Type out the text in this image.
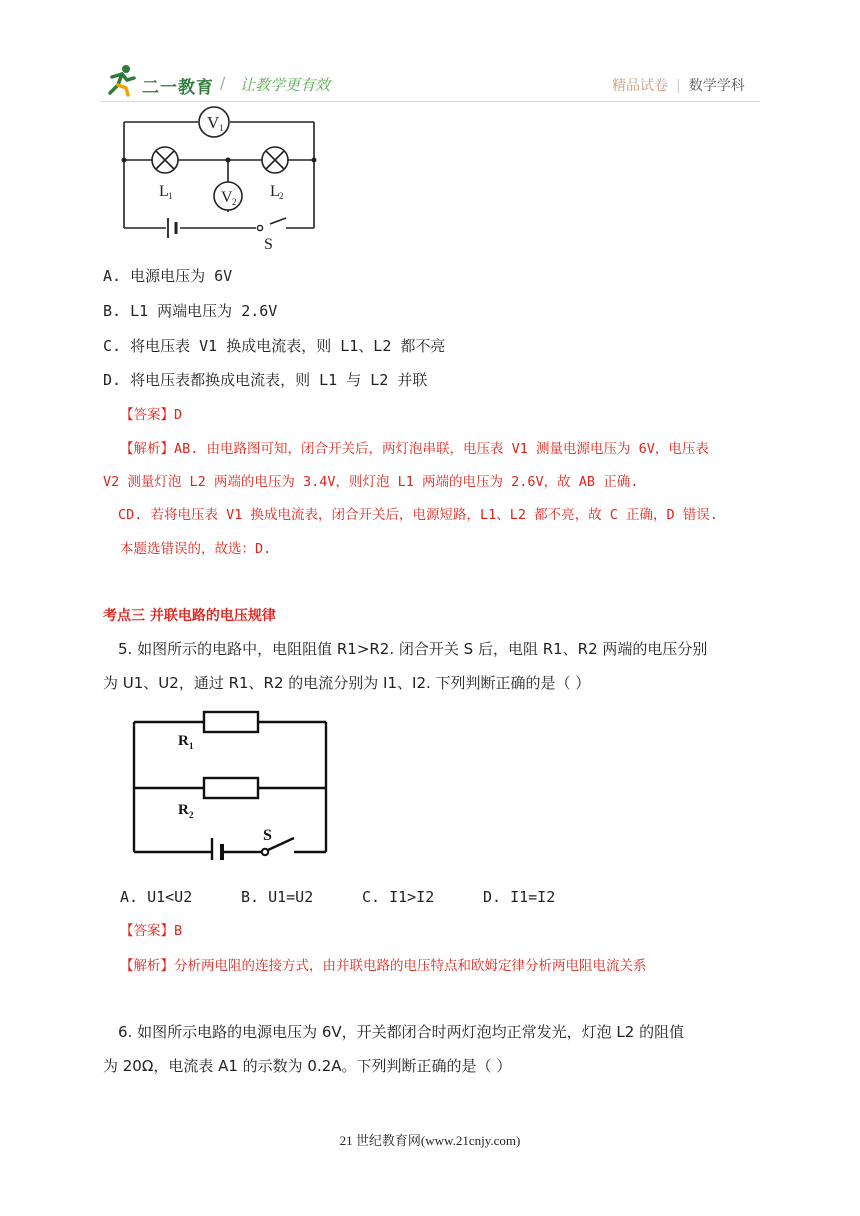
二一教育 / 让教学更有效	精品试卷 | 数学学科
V 1
V 2
L 1	L 2
S
A. 电源电压为 6V
B. L1 两端电压为 2.6V
C. 将电压表 V1 换成电流表，则 L1、L2 都不亮
D. 将电压表都换成电流表，则 L1 与 L2 并联
【答案】D
【解析】AB. 由电路图可知，闭合开关后，两灯泡串联，电压表 V1 测量电源电压为 6V，电压表
V2 测量灯泡 L2 两端的电压为 3.4V，则灯泡 L1 两端的电压为 2.6V，故 AB 正确.
CD. 若将电压表 V1 换成电流表，闭合开关后，电源短路，L1、L2 都不亮，故 C 正确，D 错误.
本题选错误的，故选：D.
考点三 并联电路的电压规律
5. 如图所示的电路中，电阻阻值 R1>R2. 闭合开关 S 后，电阻 R1、R2 两端的电压分别
为 U1、U2，通过 R1、R2 的电流分别为 I1、I2. 下列判断正确的是（ ）
R 1
R 2
S
A. U1<U2	B. U1=U2	C. I1>I2	D. I1=I2
【答案】B
【解析】分析两电阻的连接方式，由并联电路的电压特点和欧姆定律分析两电阻电流关系
6. 如图所示电路的电源电压为 6V，开关都闭合时两灯泡均正常发光，灯泡 L2 的阻值
为 20Ω，电流表 A1 的示数为 0.2A。下列判断正确的是（ ）
21 世纪教育网(www.21cnjy.com)
